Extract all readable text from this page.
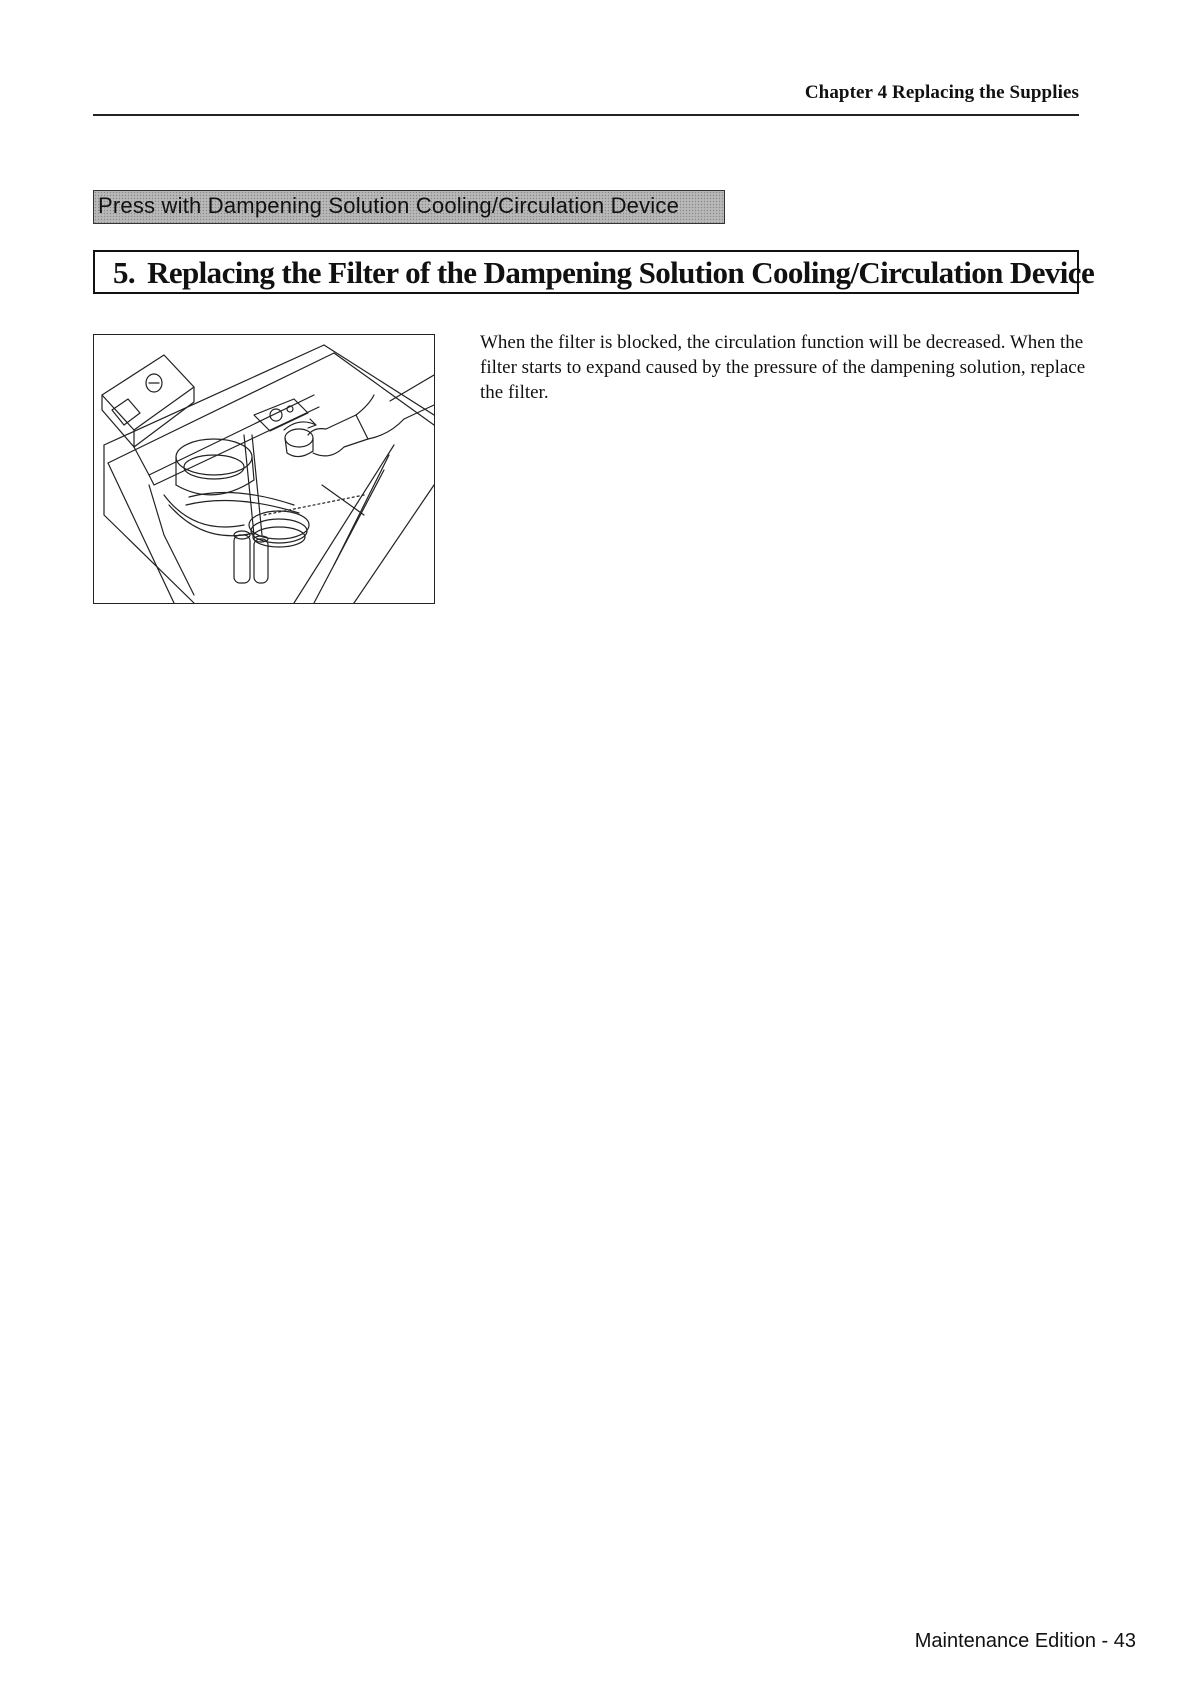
Chapter 4 Replacing the Supplies
Press with Dampening Solution Cooling/Circulation Device
5. Replacing the Filter of the Dampening Solution Cooling/Circulation Device

When the filter is blocked, the circulation function will be decreased. When the filter starts to expand caused by the pressure of the dampening solution, replace the filter.

Maintenance Edition - 43
